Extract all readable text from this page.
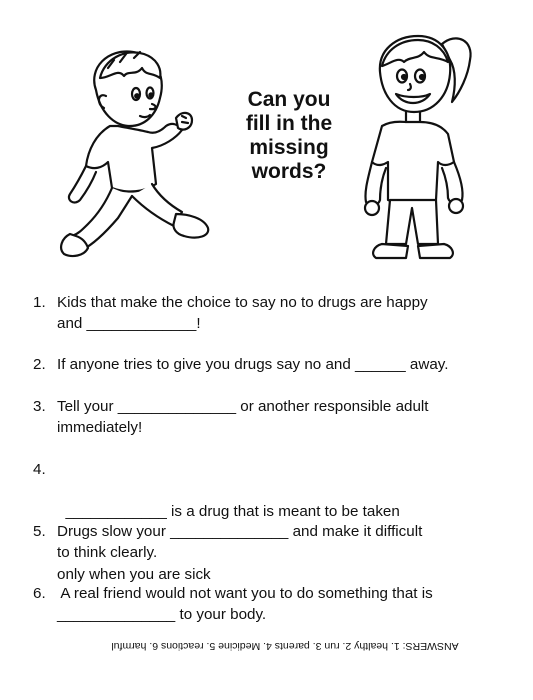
Can you
fill in the
missing
words?
1. Kids that make the choice to say no to drugs are happy
and _____________!
2. If anyone tries to give you drugs say no and ______ away.
3. Tell your ______________ or another responsible adult
immediately!
4.

____________ is a drug that is meant to be taken

only when you are sick

5. Drugs slow your ______________ and make it difficult
to think clearly.
6. A real friend would not want you to do something that is
______________ to your body.
ANSWERS: 1. healthy 2. run 3. parents 4. Medicine 5. reactions 6. harmful
